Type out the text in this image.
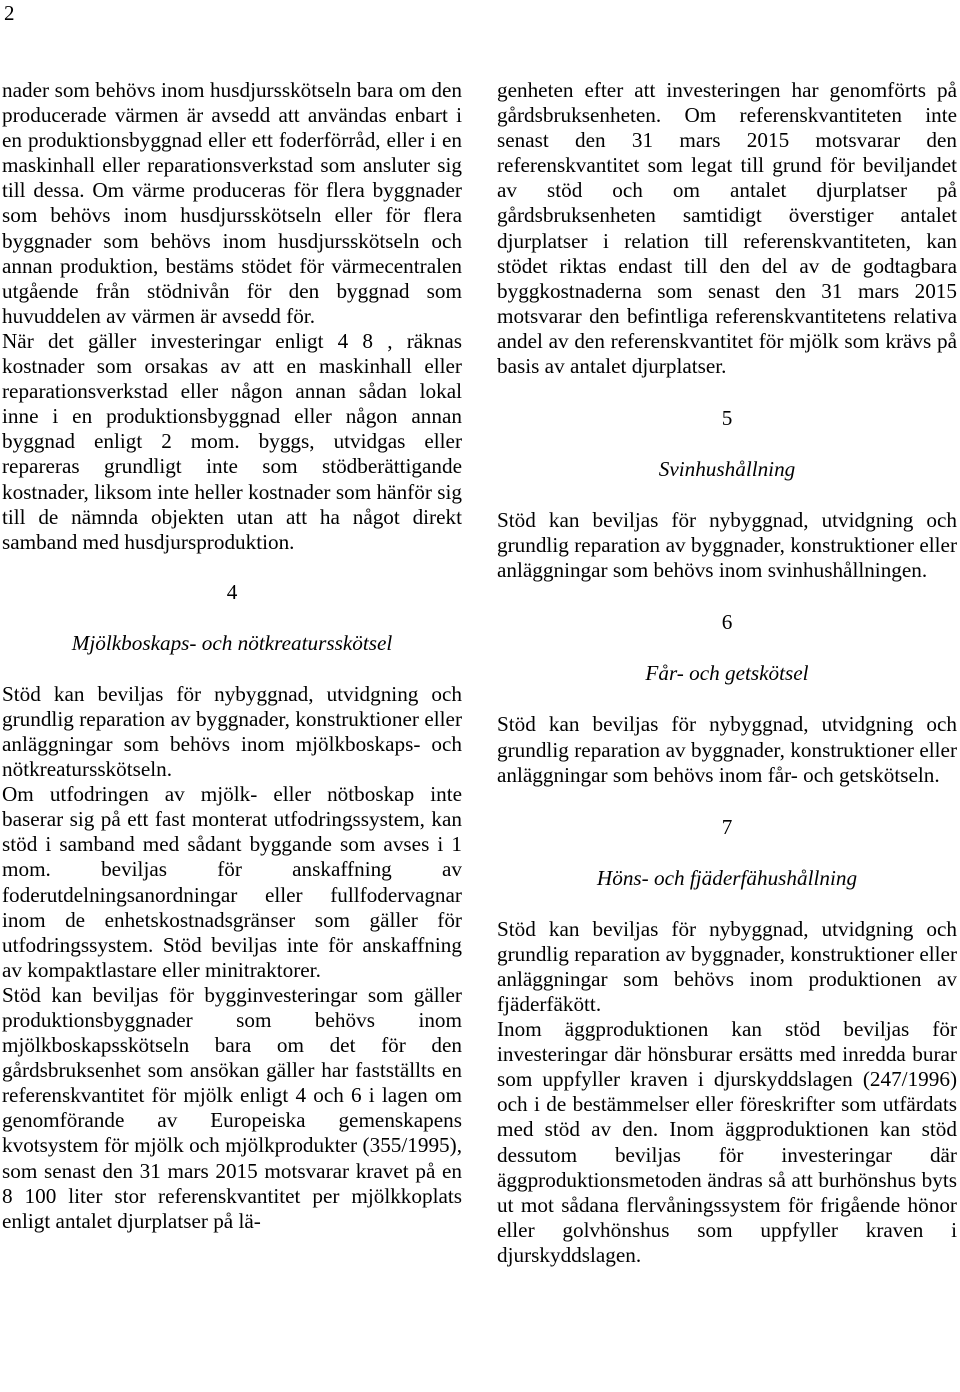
2

nader som behövs inom husdjursskötseln bara om den producerade värmen är avsedd att användas enbart i en produktionsbyggnad eller ett foderförråd, eller i en maskinhall eller reparationsverkstad som ansluter sig till dessa. Om värme produceras för flera byggnader som behövs inom husdjursskötseln eller för flera byggnader som behövs inom husdjursskötseln och annan produktion, bestäms stödet för värmecentralen utgående från stödnivån för den byggnad som huvuddelen av värmen är avsedd för.

När det gäller investeringar enligt 4 8 , räknas kostnader som orsakas av att en maskinhall eller reparationsverkstad eller någon annan sådan lokal inne i en produktionsbyggnad eller någon annan byggnad enligt 2 mom. byggs, utvidgas eller repareras grundligt inte som stödberättigande kostnader, liksom inte heller kostnader som hänför sig till de nämnda objekten utan att ha något direkt samband med husdjursproduktion.

4

Mjölkboskaps- och nötkreatursskötsel

Stöd kan beviljas för nybyggnad, utvidgning och grundlig reparation av byggnader, konstruktioner eller anläggningar som behövs inom mjölkboskaps- och nötkreatursskötseln.

Om utfodringen av mjölk- eller nötboskap inte baserar sig på ett fast monterat utfodringssystem, kan stöd i samband med sådant byggande som avses i 1 mom. beviljas för anskaffning av foderutdelningsanordningar eller fullfodervagnar inom de enhetskostnadsgränser som gäller för utfodringssystem. Stöd beviljas inte för anskaffning av kompaktlastare eller minitraktorer.

Stöd kan beviljas för bygginvesteringar som gäller produktionsbyggnader som behövs inom mjölkboskapsskötseln bara om det för den gårdsbruksenhet som ansökan gäller har fastställts en referenskvantitet för mjölk enligt 4 och 6 i lagen om genomförande av Europeiska gemenskapens kvotsystem för mjölk och mjölkprodukter (355/1995), som senast den 31 mars 2015 motsvarar kravet på en 8 100 liter stor referenskvantitet per mjölkkoplats enligt antalet djurplatser på lä-

genheten efter att investeringen har genomförts på gårdsbruksenheten. Om referenskvantiteten inte senast den 31 mars 2015 motsvarar den referenskvantitet som legat till grund för beviljandet av stöd och om antalet djurplatser på gårdsbruksenheten samtidigt överstiger antalet djurplatser i relation till referenskvantiteten, kan stödet riktas endast till den del av de godtagbara byggkostnaderna som senast den 31 mars 2015 motsvarar den befintliga referenskvantitetens relativa andel av den referenskvantitet för mjölk som krävs på basis av antalet djurplatser.

5

Svinhushållning

Stöd kan beviljas för nybyggnad, utvidgning och grundlig reparation av byggnader, konstruktioner eller anläggningar som behövs inom svinhushållningen.

6

Får- och getskötsel

Stöd kan beviljas för nybyggnad, utvidgning och grundlig reparation av byggnader, konstruktioner eller anläggningar som behövs inom får- och getskötseln.

7

Höns- och fjäderfähushållning

Stöd kan beviljas för nybyggnad, utvidgning och grundlig reparation av byggnader, konstruktioner eller anläggningar som behövs inom produktionen av fjäderfäkött.

Inom äggproduktionen kan stöd beviljas för investeringar där hönsburar ersätts med inredda burar som uppfyller kraven i djurskyddslagen (247/1996) och i de bestämmelser eller föreskrifter som utfärdats med stöd av den. Inom äggproduktionen kan stöd dessutom beviljas för investeringar där äggproduktionsmetoden ändras så att burhönshus byts ut mot sådana flervåningssystem för frigående hönor eller golvhönshus som uppfyller kraven i djurskyddslagen.
